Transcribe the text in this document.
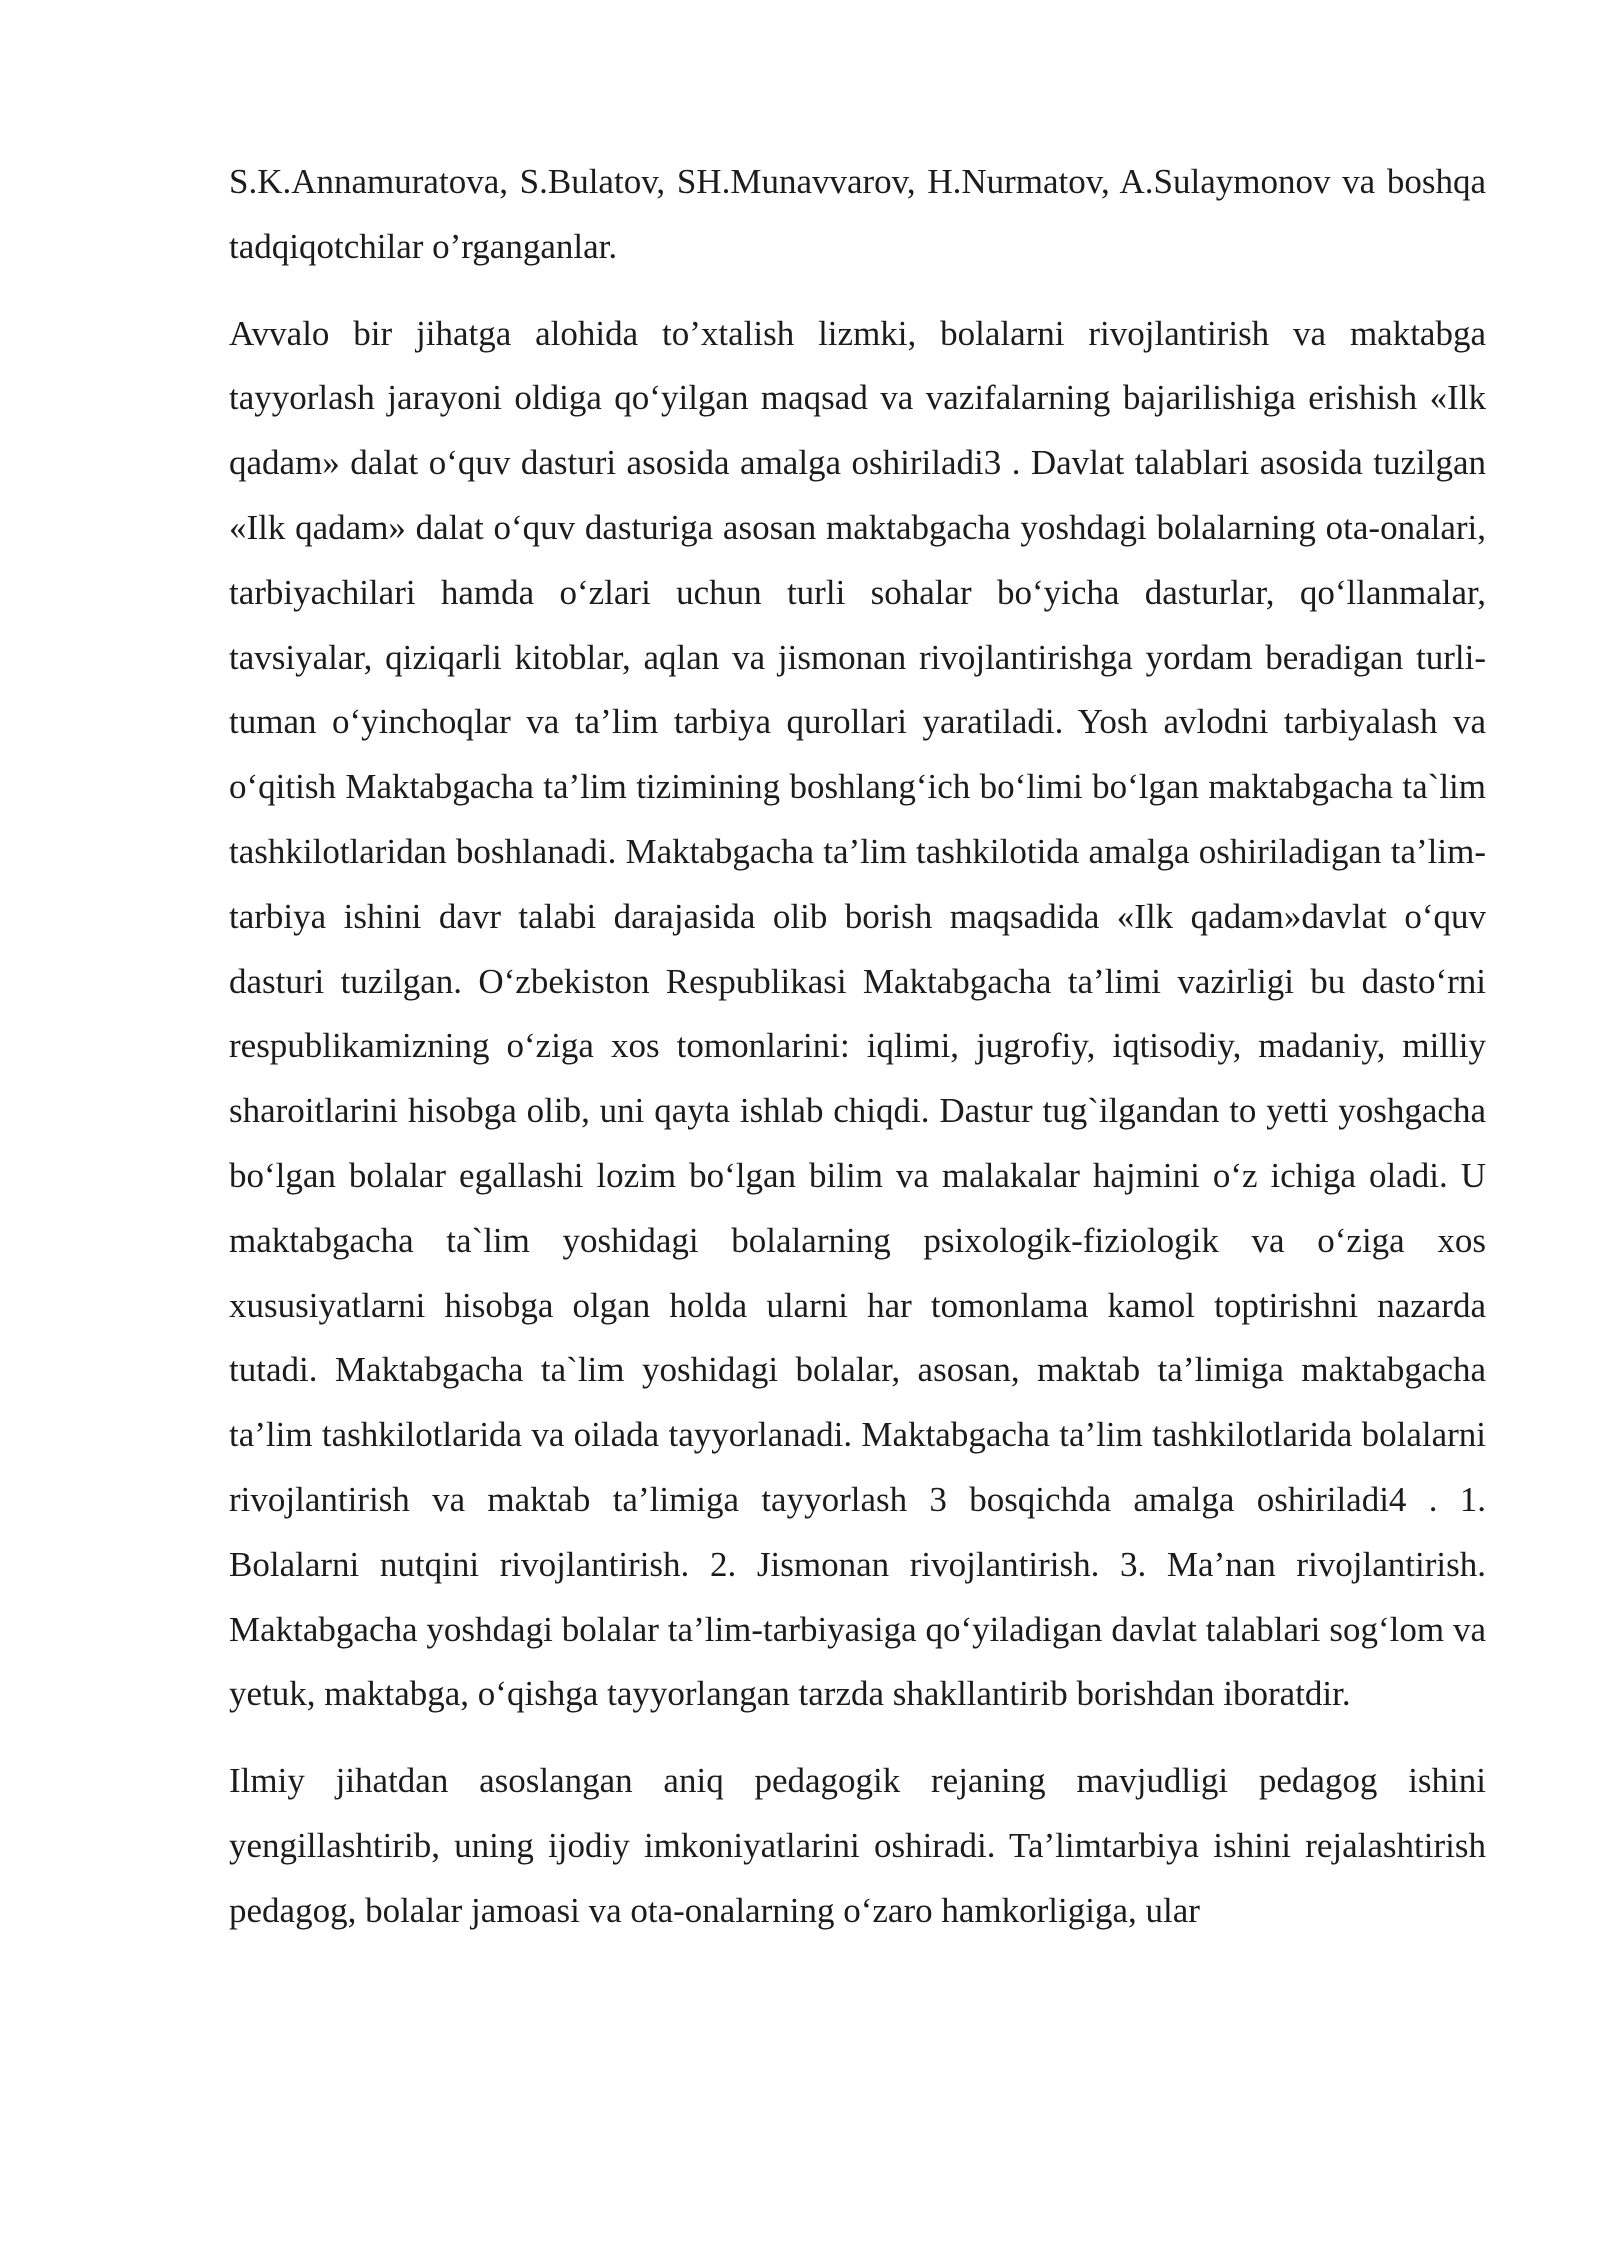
S.K.Annamuratova, S.Bulatov, SH.Munavvarov, H.Nurmatov, A.Sulaymonov va boshqa tadqiqotchilar o’rganganlar.

Avvalo bir jihatga alohida to’xtalish lizmki, bolalarni rivojlantirish va maktabga tayyorlash jarayoni oldiga qoʻyilgan maqsad va vazifalarning bajarilishiga erishish «Ilk qadam» dalat oʻquv dasturi asosida amalga oshiriladi3 . Davlat talablari asosida tuzilgan «Ilk qadam» dalat oʻquv dasturiga asosan maktabgacha yoshdagi bolalarning ota-onalari, tarbiyachilari hamda oʻzlari uchun turli sohalar boʻyicha dasturlar, qoʻllanmalar, tavsiyalar, qiziqarli kitoblar, aqlan va jismonan rivojlantirishga yordam beradigan turli-tuman oʻyinchoqlar va ta’lim tarbiya qurollari yaratiladi. Yosh avlodni tarbiyalash va oʻqitish Maktabgacha ta’lim tizimining boshlangʻich boʻlimi boʻlgan maktabgacha ta`lim tashkilotlaridan boshlanadi. Maktabgacha ta’lim tashkilotida amalga oshiriladigan ta’lim-tarbiya ishini davr talabi darajasida olib borish maqsadida «Ilk qadam»davlat oʻquv dasturi tuzilgan. Oʻzbekiston Respublikasi Maktabgacha ta’limi vazirligi bu dastoʻrni respublikamizning oʻziga xos tomonlarini: iqlimi, jugrofiy, iqtisodiy, madaniy, milliy sharoitlarini hisobga olib, uni qayta ishlab chiqdi. Dastur tug`ilgandan to yetti yoshgacha boʻlgan bolalar egallashi lozim boʻlgan bilim va malakalar hajmini oʻz ichiga oladi. U maktabgacha ta`lim yoshidagi bolalarning psixologik-fiziologik va oʻziga xos xususiyatlarni hisobga olgan holda ularni har tomonlama kamol toptirishni nazarda tutadi. Maktabgacha ta`lim yoshidagi bolalar, asosan, maktab ta’limiga maktabgacha ta’lim tashkilotlarida va oilada tayyorlanadi. Maktabgacha ta’lim tashkilotlarida bolalarni rivojlantirish va maktab ta’limiga tayyorlash 3 bosqichda amalga oshiriladi4 . 1. Bolalarni nutqini rivojlantirish. 2. Jismonan rivojlantirish. 3. Ma’nan rivojlantirish. Maktabgacha yoshdagi bolalar ta’lim-tarbiyasiga qoʻyiladigan davlat talablari sogʻlom va yetuk, maktabga, oʻqishga tayyorlangan tarzda shakllantirib borishdan iboratdir.

Ilmiy jihatdan asoslangan aniq pedagogik rejaning mavjudligi pedagog ishini yengillashtirib, uning ijodiy imkoniyatlarini oshiradi. Ta’limtarbiya ishini rejalashtirish pedagog, bolalar jamoasi va ota-onalarning oʻzaro hamkorligiga, ular
